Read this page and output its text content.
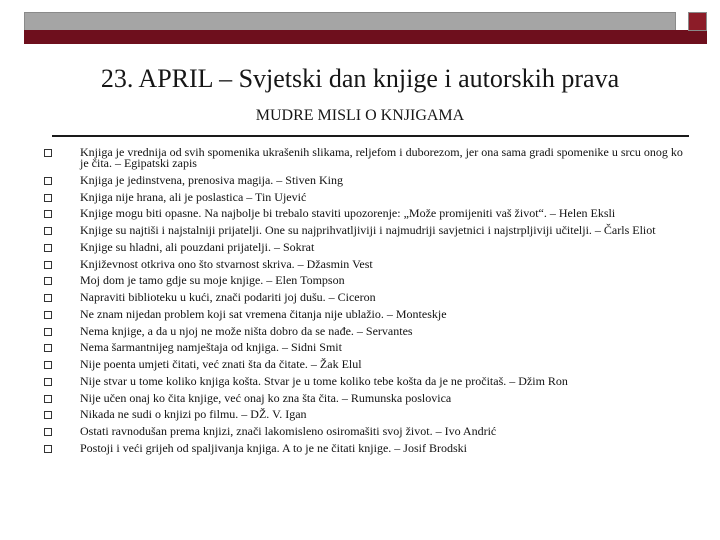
23. APRIL – Svjetski dan knjige i autorskih prava
MUDRE MISLI O KNJIGAMA
Knjiga je vrednija od svih spomenika ukrašenih slikama, reljefom i duborezom, jer ona sama gradi spomenike u srcu onog ko je čita. – Egipatski zapis
Knjiga je jedinstvena, prenosiva magija. – Stiven King
Knjiga nije hrana, ali je poslastica – Tin Ujević
Knjige mogu biti opasne. Na najbolje bi trebalo staviti upozorenje: „Može promijeniti vaš život“. – Helen Ekslі
Knjige su najtiši i najstalniji prijatelji. One su najprihvatljiviji i najmudriji savjetnici i najstrpljiviji učitelji. – Čarls Eliot
Knjige su hladni, ali pouzdani prijatelji. – Sokrat
Književnost otkriva ono što stvarnost skriva. – Džasmin Vest
Moj dom je tamo gdje su moje knjige. – Elen Tompson
Napraviti biblioteku u kući, znači podariti joj dušu. – Ciceron
Ne znam nijedan problem koji sat vremena čitanja nije ublažio. – Monteskje
Nema knjige, a da u njoj ne može ništa dobro da se nađe. – Servantes
Nema šarmantnijeg namještaja od knjiga. – Sidni Smit
Nije poenta umjeti čitati, već znati šta da čitate. – Žak Elul
Nije stvar u tome koliko knjiga košta. Stvar je u tome koliko tebe košta da je ne pročitaš. – Džim Ron
Nije učen onaj ko čita knjige, već onaj ko zna šta čita. – Rumunska poslovica
Nikada ne sudi o knjizi po filmu. – DŽ. V. Igan
Ostati ravnodušan prema knjizi, znači lakomisleno osiromašiti svoj život. – Ivo Andrić
Postoji i veći grijeh od spaljivanja knjiga. A to je ne čitati knjige. – Josif Brodski
